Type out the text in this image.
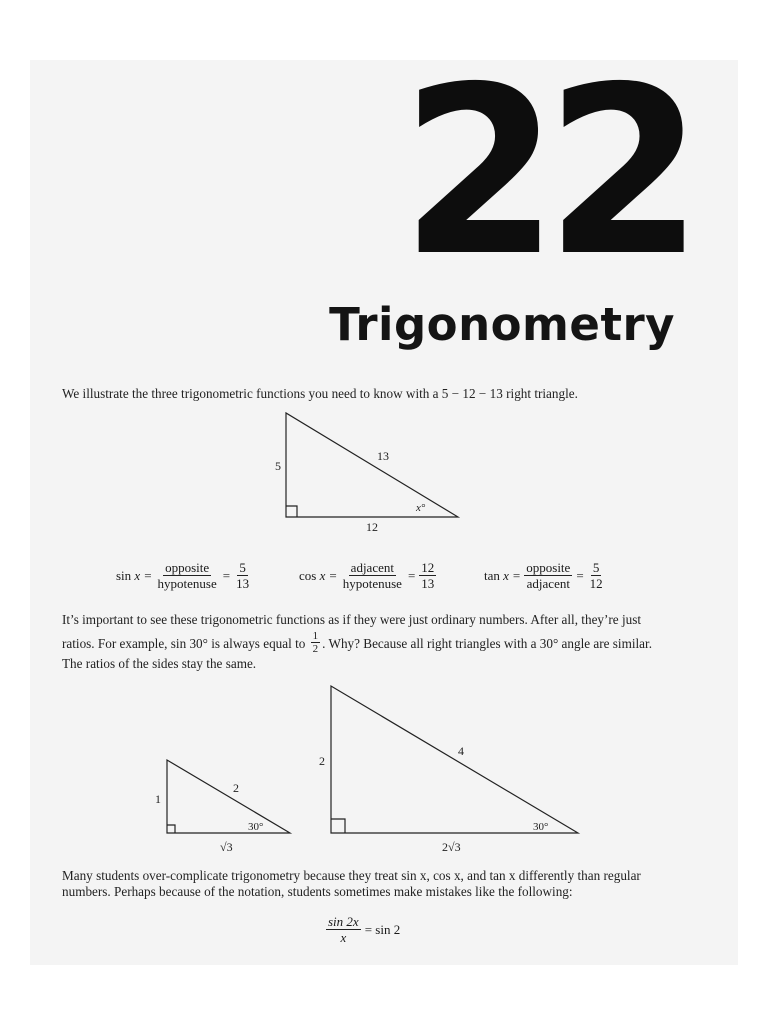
22
Trigonometry
We illustrate the three trigonometric functions you need to know with a 5 − 12 − 13 right triangle.
5
13
12
x°
sin
$x = \frac{\text{opposite}}{\text{hypotenuse}} = \frac{5}{13}$	cos
$x = \frac{\text{adjacent}}{\text{hypotenuse}} = \frac{12}{13}$	tan
$x = \frac{\text{opposite}}{\text{adjacent}} = \frac{5}{12}$
It’s important to see these trigonometric functions as if they were just ordinary numbers. After all, they’re just
ratios. For example, sin 30° is always equal to $\frac{1}{2}$ . Why? Because all right triangles with a 30° angle are similar.
The ratios of the sides stay the same.
1
2
30°
√3
2
4
30°
2√3
Many students over-complicate trigonometry because they treat sin x, cos x, and tan x differently than regular
numbers. Perhaps because of the notation, students sometimes make mistakes like the following:
$\frac{\sin 2x}{x} = \sin 2$
